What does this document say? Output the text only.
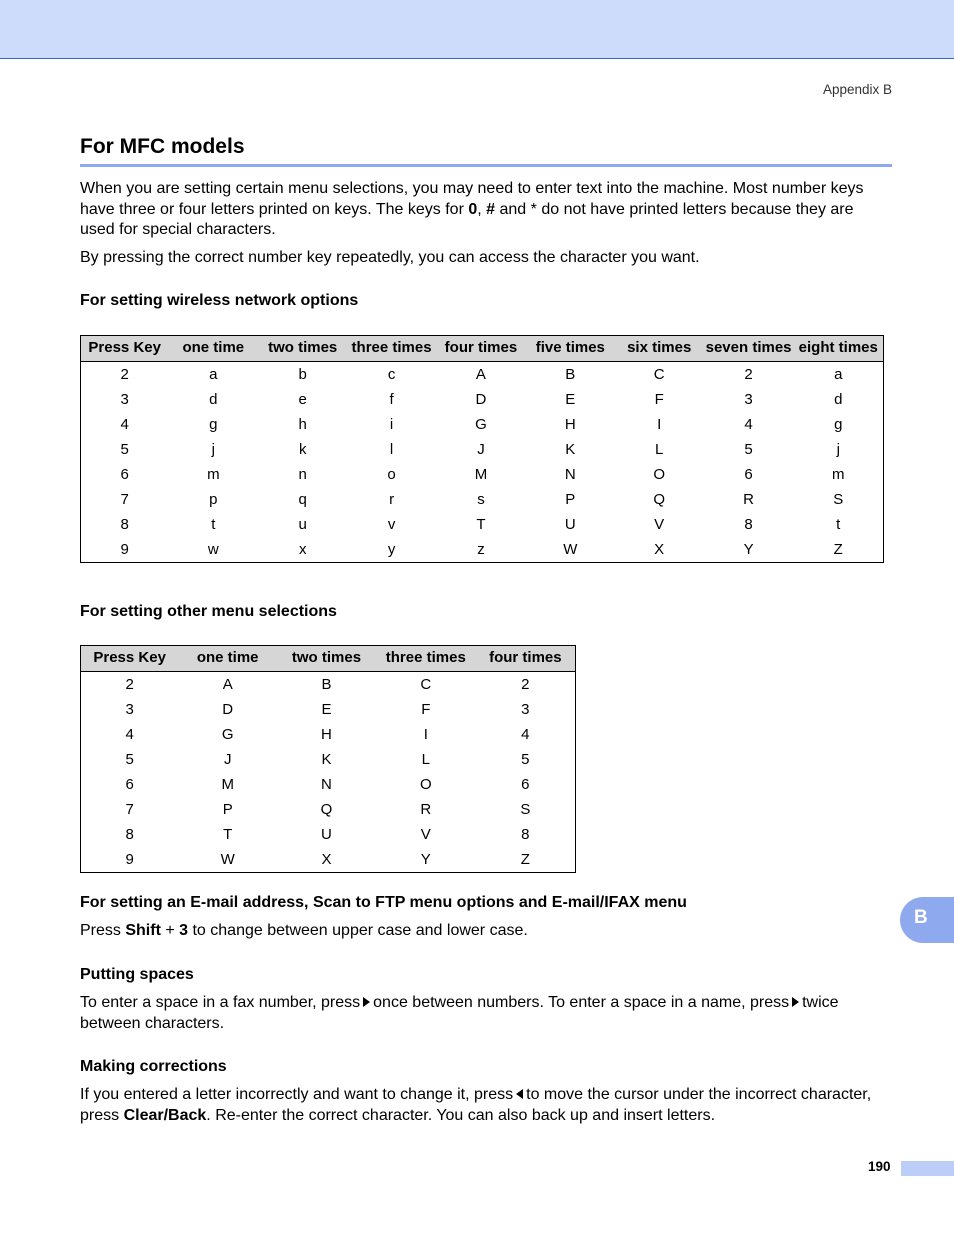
Appendix B
For MFC models
When you are setting certain menu selections, you may need to enter text into the machine. Most number keys have three or four letters printed on keys. The keys for 0, # and * do not have printed letters because they are used for special characters.
By pressing the correct number key repeatedly, you can access the character you want.
For setting wireless network options
Press Key	one time	two times	three times	four times	five times	six times	seven times	eight times
2	a	b	c	A	B	C	2	a
3	d	e	f	D	E	F	3	d
4	g	h	i	G	H	I	4	g
5	j	k	l	J	K	L	5	j
6	m	n	o	M	N	O	6	m
7	p	q	r	s	P	Q	R	S
8	t	u	v	T	U	V	8	t
9	w	x	y	z	W	X	Y	Z
For setting other menu selections
Press Key	one time	two times	three times	four times
2	A	B	C	2
3	D	E	F	3
4	G	H	I	4
5	J	K	L	5
6	M	N	O	6
7	P	Q	R	S
8	T	U	V	8
9	W	X	Y	Z
For setting an E-mail address, Scan to FTP menu options and E-mail/IFAX menu
Press Shift + 3 to change between upper case and lower case.
Putting spaces
To enter a space in a fax number, press once between numbers. To enter a space in a name, press twice between characters.
Making corrections
If you entered a letter incorrectly and want to change it, press to move the cursor under the incorrect character, press Clear/Back. Re-enter the correct character. You can also back up and insert letters.
B
190
